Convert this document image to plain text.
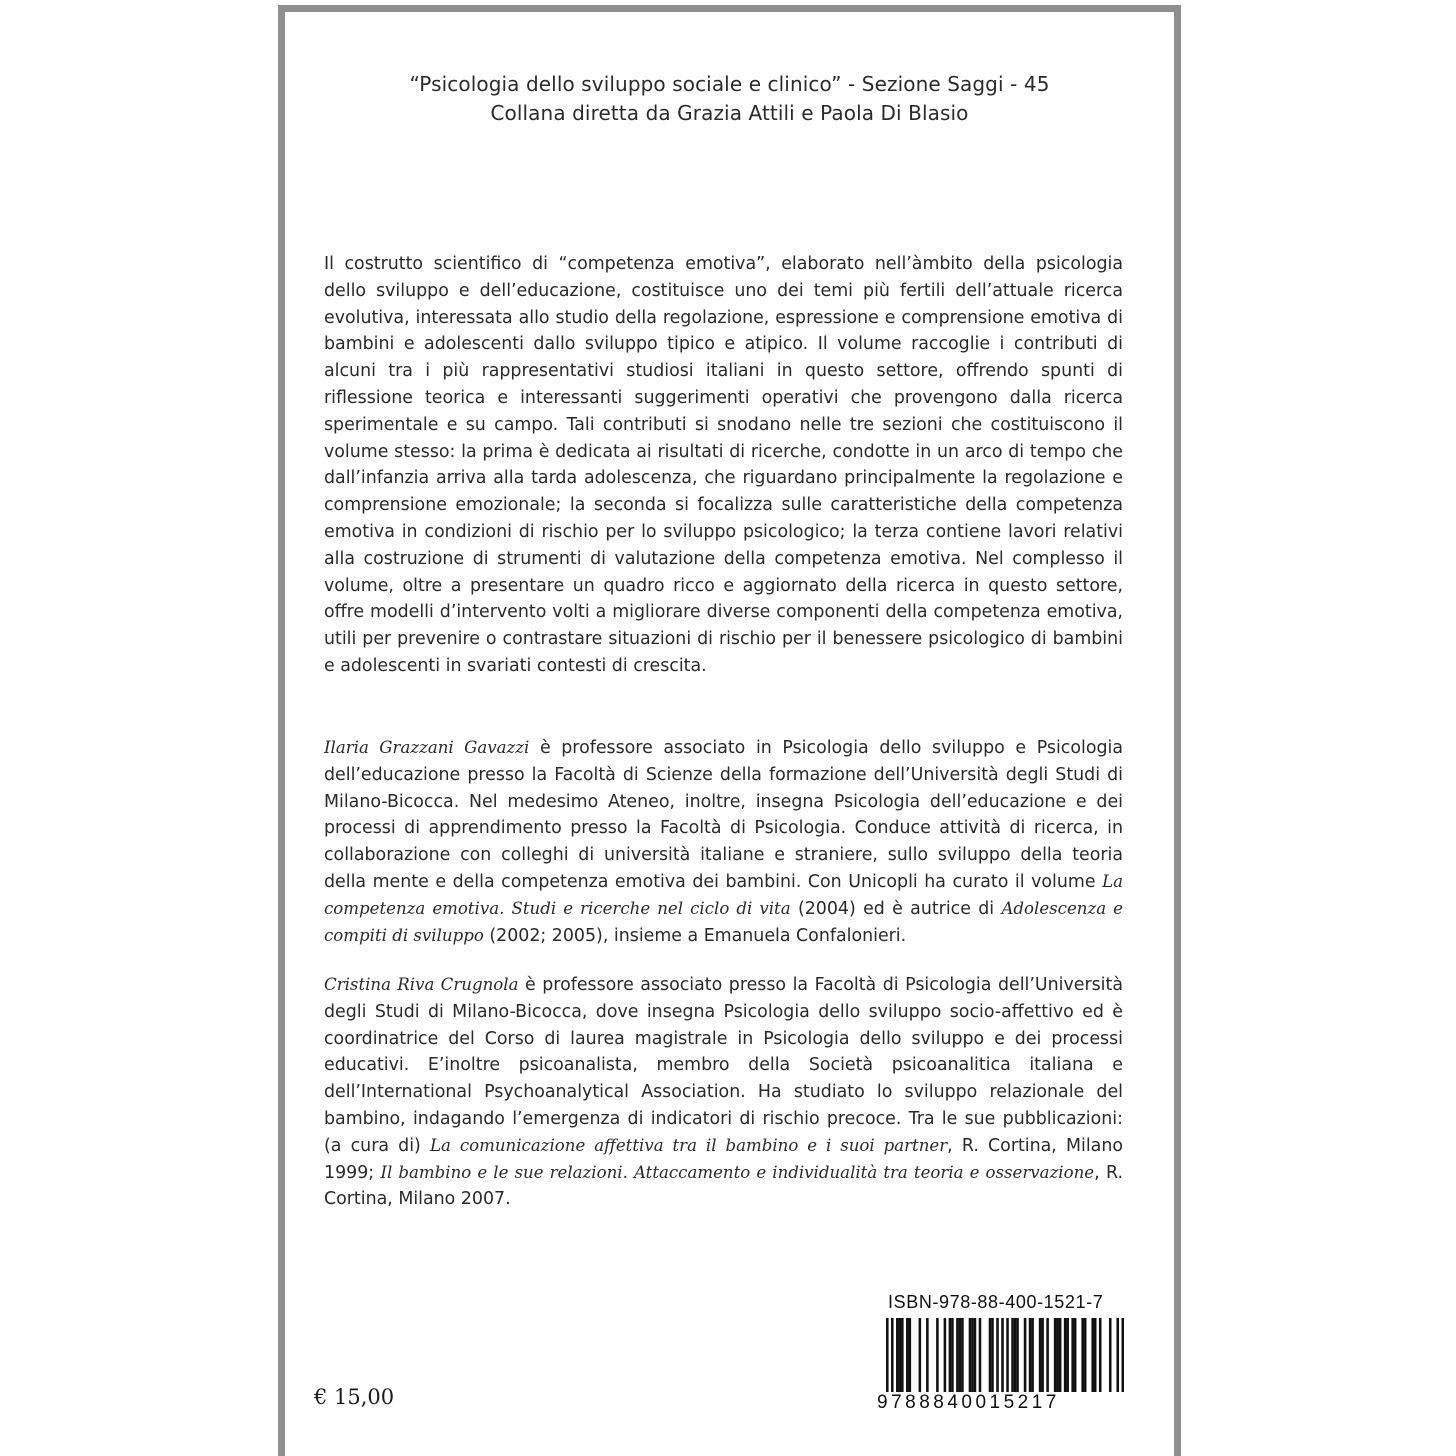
“Psicologia dello sviluppo sociale e clinico” - Sezione Saggi - 45
Collana diretta da Grazia Attili e Paola Di Blasio

Il costrutto scientifico di “competenza emotiva”, elaborato nell’àmbito della psicologia dello sviluppo e dell’educazione, costituisce uno dei temi più fertili dell’attuale ricerca evolutiva, interessata allo studio della regolazione, espressione e comprensione emotiva di bambini e adolescenti dallo sviluppo tipico e atipico. Il volume raccoglie i contributi di alcuni tra i più rappresentativi studiosi italiani in questo settore, offrendo spunti di riflessione teorica e interessanti suggerimenti operativi che provengono dalla ricerca sperimentale e su campo. Tali contributi si snodano nelle tre sezioni che costituiscono il volume stesso: la prima è dedicata ai risultati di ricerche, condotte in un arco di tempo che dall’infanzia arriva alla tarda adolescenza, che riguardano principalmente la regolazione e comprensione emozionale; la seconda si focalizza sulle caratteristiche della competenza emotiva in condizioni di rischio per lo sviluppo psicologico; la terza contiene lavori relativi alla costruzione di strumenti di valutazione della competenza emotiva. Nel complesso il volume, oltre a presentare un quadro ricco e aggiornato della ricerca in questo settore, offre modelli d’intervento volti a migliorare diverse componenti della competenza emotiva, utili per prevenire o contrastare situazioni di rischio per il benessere psicologico di bambini e adolescenti in svariati contesti di crescita.

Ilaria Grazzani Gavazzi è professore associato in Psicologia dello sviluppo e Psicologia dell’educazione presso la Facoltà di Scienze della formazione dell’Università degli Studi di Milano-Bicocca. Nel medesimo Ateneo, inoltre, insegna Psicologia dell’educazione e dei processi di apprendimento presso la Facoltà di Psicologia. Conduce attività di ricerca, in collaborazione con colleghi di università italiane e straniere, sullo sviluppo della teoria della mente e della competenza emotiva dei bambini. Con Unicopli ha curato il volume La competenza emotiva. Studi e ricerche nel ciclo di vita (2004) ed è autrice di Adolescenza e compiti di sviluppo (2002; 2005), insieme a Emanuela Confalonieri.

Cristina Riva Crugnola è professore associato presso la Facoltà di Psicologia dell’Università degli Studi di Milano-Bicocca, dove insegna Psicologia dello sviluppo socio-affettivo ed è coordinatrice del Corso di laurea magistrale in Psicologia dello sviluppo e dei processi educativi. E’inoltre psicoanalista, membro della Società psicoanalitica italiana e dell’International Psychoanalytical Association. Ha studiato lo sviluppo relazionale del bambino, indagando l’emergenza di indicatori di rischio precoce. Tra le sue pubblicazioni: (a cura di) La comunicazione affettiva tra il bambino e i suoi partner, R. Cortina, Milano 1999; Il bambino e le sue relazioni. Attaccamento e individualità tra teoria e osservazione, R. Cortina, Milano 2007.

€ 15,00
ISBN-978-88-400-1521-7
9788840015217
